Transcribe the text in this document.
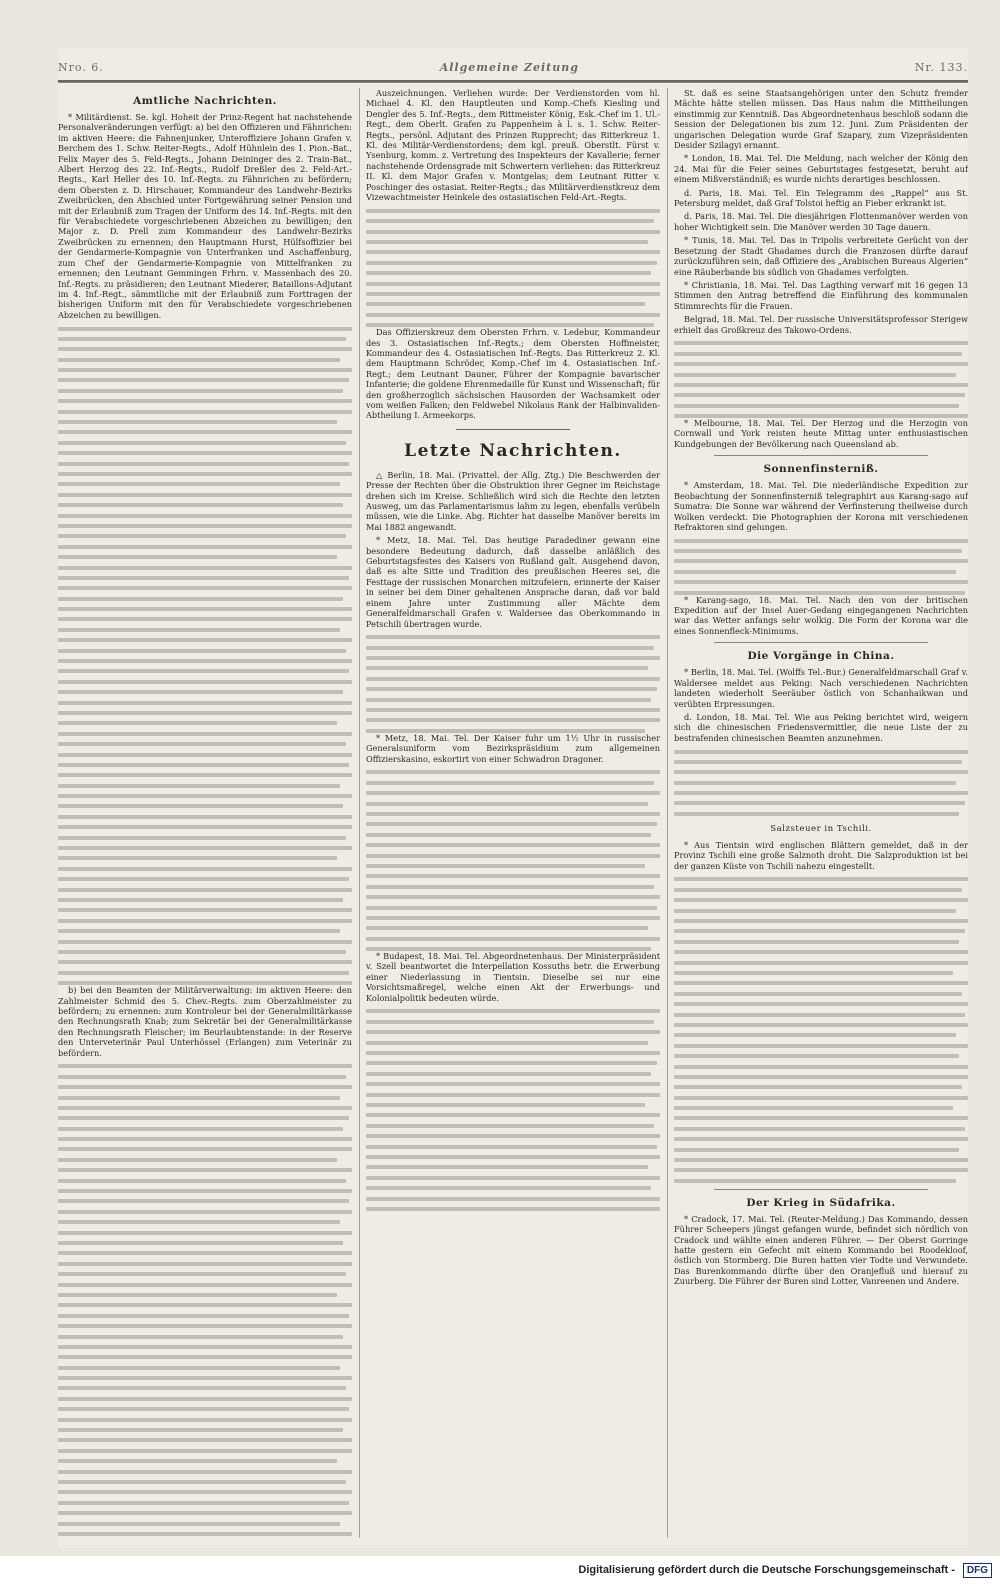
Nro. 6.	Allgemeine Zeitung	Nr. 133.
Amtliche Nachrichten.

* Militärdienst. Se. kgl. Hoheit der Prinz-Regent hat nachstehende Personalveränderungen verfügt: a) bei den Offizieren und Fähnrichen: im aktiven Heere: die Fahnenjunker, Unteroffiziere Johann Grafen v. Berchem des 1. Schw. Reiter-Regts., Adolf Hühnlein des 1. Pion.-Bat., Felix Mayer des 5. Feld-Regts., Johann Deininger des 2. Train-Bat., Albert Herzog des 22. Inf.-Regts., Rudolf Dreßler des 2. Feld-Art.-Regts., Karl Heller des 10. Inf.-Regts. zu Fähnrichen zu befördern; dem Obersten z. D. Hirschauer, Kommandeur des Landwehr-Bezirks Zweibrücken, den Abschied unter Fortgewährung seiner Pension und mit der Erlaubniß zum Tragen der Uniform des 14. Inf.-Regts. mit den für Verabschiedete vorgeschriebenen Abzeichen zu bewilligen; den Major z. D. Prell zum Kommandeur des Landwehr-Bezirks Zweibrücken zu ernennen; den Hauptmann Hurst, Hülfsoffizier bei der Gendarmerie-Kompagnie von Unterfranken und Aschaffenburg, zum Chef der Gendarmerie-Kompagnie von Mittelfranken zu ernennen; den Leutnant Gemmingen Frhrn. v. Massenbach des 20. Inf.-Regts. zu präsidieren; den Leutnant Miederer, Bataillons-Adjutant im 4. Inf.-Regt., sämmtliche mit der Erlaubniß zum Forttragen der bisherigen Uniform mit den für Verabschiedete vorgeschriebenen Abzeichen zu bewilligen.

b) bei den Beamten der Militärverwaltung: im aktiven Heere: den Zahlmeister Schmid des 5. Chev.-Regts. zum Oberzahlmeister zu befördern; zu ernennen: zum Kontroleur bei der Generalmilitärkasse den Rechnungsrath Knab; zum Sekretär bei der Generalmilitärkasse den Rechnungsrath Fleischer; im Beurlaubtenstande: in der Reserve den Unterveterinär Paul Unterhössel (Erlangen) zum Veterinär zu befördern.

Auszeichnungen. Verliehen wurde: Der Verdienstorden vom hl. Michael 4. Kl. den Hauptleuten und Komp.-Chefs Kiesling und Dengler des 5. Inf.-Regts., dem Rittmeister König, Esk.-Chef im 1. Ul.-Regt., dem Oberlt. Grafen zu Pappenheim à l. s. 1. Schw. Reiter-Regts., persönl. Adjutant des Prinzen Rupprecht; das Ritterkreuz 1. Kl. des Militär-Verdienstordens; dem kgl. preuß. Oberstlt. Fürst v. Ysenburg, komm. z. Vertretung des Inspekteurs der Kavallerie; ferner nachstehende Ordensgrade mit Schwertern verliehen: das Ritterkreuz II. Kl. dem Major Grafen v. Montgelas; dem Leutnant Ritter v. Poschinger des ostasiat. Reiter-Regts.; das Militärverdienstkreuz dem Vizewachtmeister Heinkele des ostasiatischen Feld-Art.-Regts.

Das Offizierskreuz dem Obersten Frhrn. v. Ledebur, Kommandeur des 3. Ostasiatischen Inf.-Regts.; dem Obersten Hoffmeister, Kommandeur des 4. Ostasiatischen Inf.-Regts. Das Ritterkreuz 2. Kl. dem Hauptmann Schröder, Komp.-Chef im 4. Ostasiatischen Inf.-Regt.; dem Leutnant Dauner, Führer der Kompagnie bavarischer Infanterie; die goldene Ehrenmedaille für Kunst und Wissenschaft; für den großherzoglich sächsischen Hausorden der Wachsamkeit oder vom weißen Falken; den Feldwebel Nikolaus Rank der Halbinvaliden-Abtheilung I. Armeekorps.

Letzte Nachrichten.

△ Berlin, 18. Mai. (Privattel. der Allg. Ztg.) Die Beschwerden der Presse der Rechten über die Obstruktion ihrer Gegner im Reichstage drehen sich im Kreise. Schließlich wird sich die Rechte den letzten Ausweg, um das Parlamentarismus lahm zu legen, ebenfalls verübeln müssen, wie die Linke. Abg. Richter hat dasselbe Manöver bereits im Mai 1882 angewandt.

* Metz, 18. Mai. Tel. Das heutige Paradediner gewann eine besondere Bedeutung dadurch, daß dasselbe anläßlich des Geburtstagsfestes des Kaisers von Rußland galt. Ausgehend davon, daß es alte Sitte und Tradition des preußischen Heeres sei, die Festtage der russischen Monarchen mitzufeiern, erinnerte der Kaiser in seiner bei dem Diner gehaltenen Ansprache daran, daß vor bald einem Jahre unter Zustimmung aller Mächte dem Generalfeldmarschall Grafen v. Waldersee das Oberkommando in Petschili übertragen wurde.

* Metz, 18. Mai. Tel. Der Kaiser fuhr um 1½ Uhr in russischer Generalsuniform vom Bezirkspräsidium zum allgemeinen Offizierskasino, eskortirt von einer Schwadron Dragoner.

* Budapest, 18. Mai. Tel. Abgeordnetenhaus. Der Ministerpräsident v. Szell beantwortet die Interpellation Kossuths betr. die Erwerbung einer Niederlassung in Tientsin. Dieselbe sei nur eine Vorsichtsmaßregel, welche einen Akt der Erwerbungs- und Kolonialpolitik bedeuten würde.

St. daß es seine Staatsangehörigen unter den Schutz fremder Mächte hätte stellen müssen. Das Haus nahm die Mittheilungen einstimmig zur Kenntniß. Das Abgeordnetenhaus beschloß sodann die Session der Delegationen bis zum 12. Juni. Zum Präsidenten der ungarischen Delegation wurde Graf Szapary, zum Vizepräsidenten Desider Szilagyi ernannt.

* London, 18. Mai. Tel. Die Meldung, nach welcher der König den 24. Mai für die Feier seines Geburtstages festgesetzt, beruht auf einem Mißverständniß; es wurde nichts derartiges beschlossen.

d. Paris, 18. Mai. Tel. Ein Telegramm des „Rappel“ aus St. Petersburg meldet, daß Graf Tolstoi heftig an Fieber erkrankt ist.

d. Paris, 18. Mai. Tel. Die diesjährigen Flottenmanöver werden von hoher Wichtigkeit sein. Die Manöver werden 30 Tage dauern.

* Tunis, 18. Mai. Tel. Das in Tripolis verbreitete Gerücht von der Besetzung der Stadt Ghadames durch die Franzosen dürfte darauf zurückzuführen sein, daß Offiziere des „Arabischen Bureaus Algerien“ eine Räuberbande bis südlich von Ghadames verfolgten.

* Christiania, 18. Mai. Tel. Das Lagthing verwarf mit 16 gegen 13 Stimmen den Antrag betreffend die Einführung des kommunalen Stimmrechts für die Frauen.

Belgrad, 18. Mai. Tel. Der russische Universitätsprofessor Sterigew erhielt das Großkreuz des Takowo-Ordens.

* Melbourne, 18. Mai. Tel. Der Herzog und die Herzogin von Cornwall und York reisten heute Mittag unter enthusiastischen Kundgebungen der Bevölkerung nach Queensland ab.

Sonnenfinsterniß.

* Amsterdam, 18. Mai. Tel. Die niederländische Expedition zur Beobachtung der Sonnenfinsterniß telegraphirt aus Karang-sago auf Sumatra: Die Sonne war während der Verfinsterung theilweise durch Wolken verdeckt. Die Photographien der Korona mit verschiedenen Refraktoren sind gelungen.

* Karang-sago, 18. Mai. Tel. Nach den von der britischen Expedition auf der Insel Auer-Gedang eingegangenen Nachrichten war das Wetter anfangs sehr wolkig. Die Form der Korona war die eines Sonnenfleck-Minimums.

Die Vorgänge in China.

* Berlin, 18. Mai. Tel. (Wolffs Tel.-Bur.) Generalfeldmarschall Graf v. Waldersee meldet aus Peking: Nach verschiedenen Nachrichten landeten wiederholt Seeräuber östlich von Schanhaikwan und verübten Erpressungen.

d. London, 18. Mai. Tel. Wie aus Peking berichtet wird, weigern sich die chinesischen Friedensvermittler, die neue Liste der zu bestrafenden chinesischen Beamten anzunehmen.

Salzsteuer in Tschili.

* Aus Tientsin wird englischen Blättern gemeldet, daß in der Provinz Tschili eine große Salznoth droht. Die Salzproduktion ist bei der ganzen Küste von Tschili nahezu eingestellt.

Der Krieg in Südafrika.

* Cradock, 17. Mai. Tel. (Reuter-Meldung.) Das Kommando, dessen Führer Scheepers jüngst gefangen wurde, befindet sich nördlich von Cradock und wählte einen anderen Führer. — Der Oberst Gorringe hatte gestern ein Gefecht mit einem Kommando bei Roodekloof, östlich von Stormberg. Die Buren hatten vier Todte und Verwundete. Das Burenkommando dürfte über den Oranjefluß und hierauf zu Zuurberg. Die Führer der Buren sind Lotter, Vanreenen und Andere.

Digitalisierung gefördert durch die Deutsche Forschungsgemeinschaft -	DFG
